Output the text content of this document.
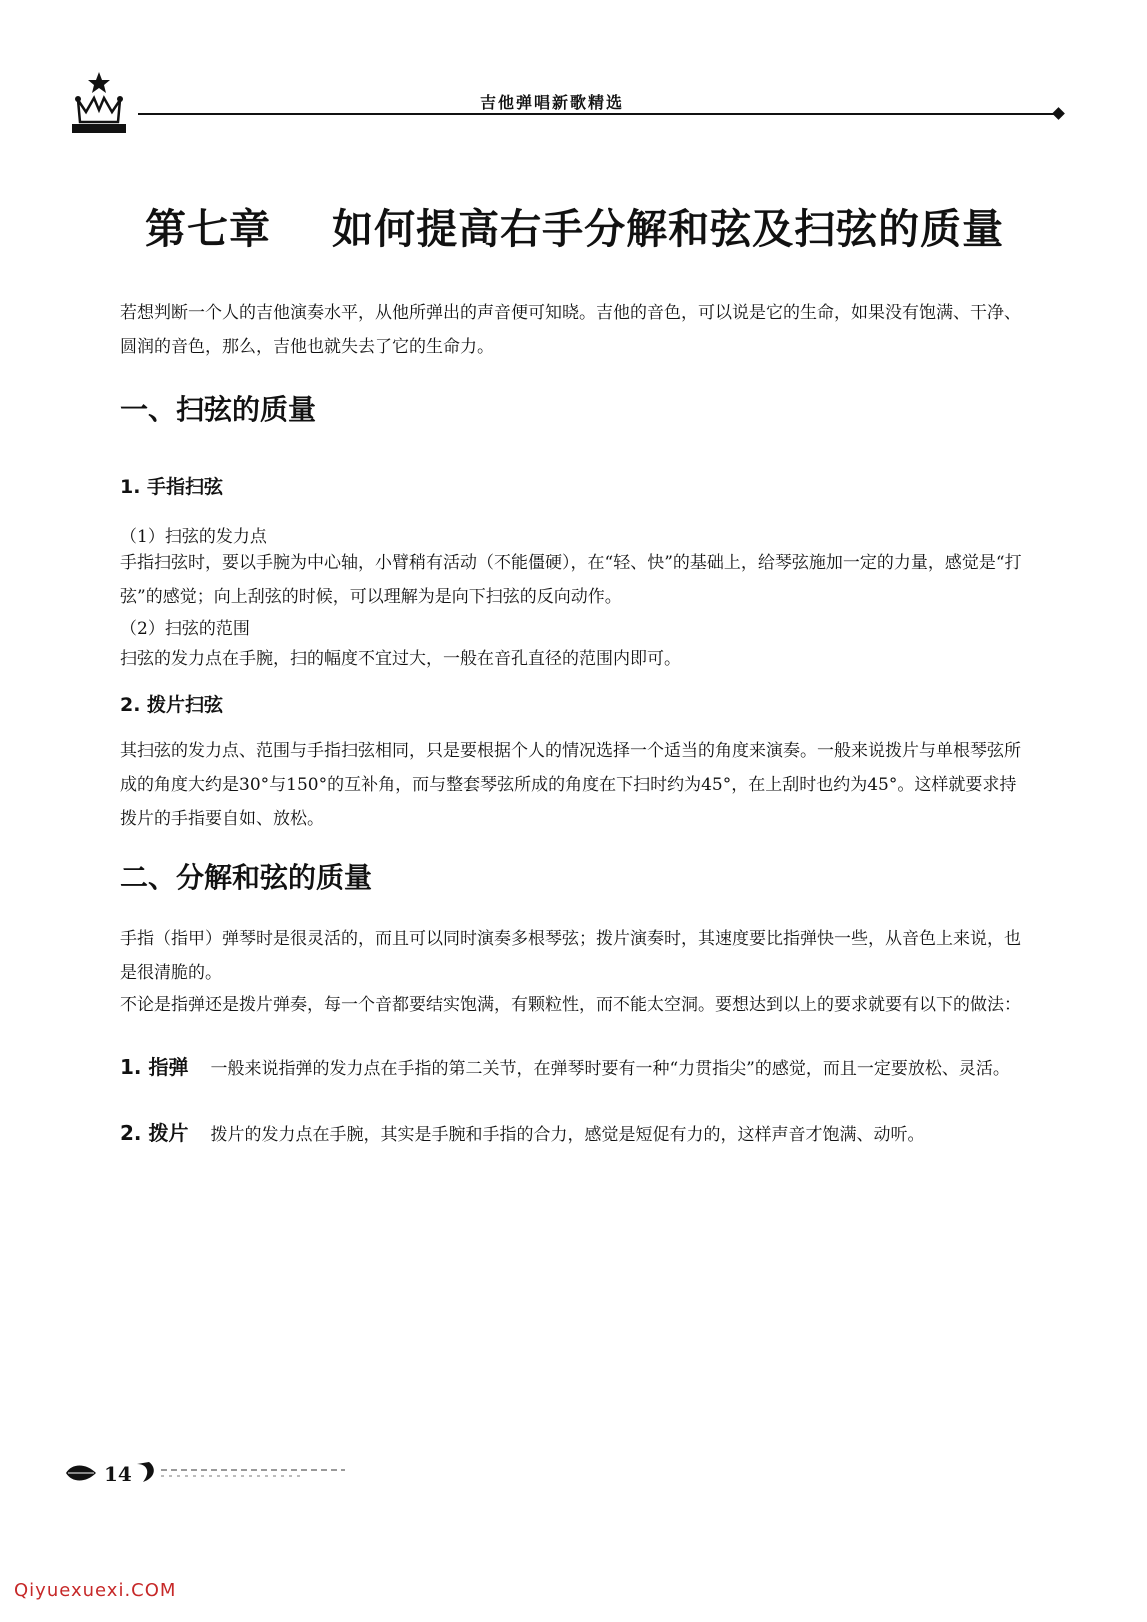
吉他弹唱新歌精选
第七章    如何提高右手分解和弦及扫弦的质量
若想判断一个人的吉他演奏水平，从他所弹出的声音便可知晓。吉他的音色，可以说是它的生命，如果没有饱满、干净、圆润的音色，那么，吉他也就失去了它的生命力。
一、扫弦的质量
1. 手指扫弦
（1）扫弦的发力点
手指扫弦时，要以手腕为中心轴，小臂稍有活动（不能僵硬），在“轻、快”的基础上，给琴弦施加一定的力量，感觉是“打弦”的感觉；向上刮弦的时候，可以理解为是向下扫弦的反向动作。
（2）扫弦的范围
扫弦的发力点在手腕，扫的幅度不宜过大，一般在音孔直径的范围内即可。
2. 拨片扫弦
其扫弦的发力点、范围与手指扫弦相同，只是要根据个人的情况选择一个适当的角度来演奏。一般来说拨片与单根琴弦所成的角度大约是30°与150°的互补角，而与整套琴弦所成的角度在下扫时约为45°，在上刮时也约为45°。这样就要求持拨片的手指要自如、放松。
二、分解和弦的质量
手指（指甲）弹琴时是很灵活的，而且可以同时演奏多根琴弦；拨片演奏时，其速度要比指弹快一些，从音色上来说，也是很清脆的。
不论是指弹还是拨片弹奏，每一个音都要结实饱满，有颗粒性，而不能太空洞。要想达到以上的要求就要有以下的做法：
1. 指弹 一般来说指弹的发力点在手指的第二关节，在弹琴时要有一种“力贯指尖”的感觉，而且一定要放松、灵活。
2. 拨片 拨片的发力点在手腕，其实是手腕和手指的合力，感觉是短促有力的，这样声音才饱满、动听。
14
Qiyuexuexi.COM
